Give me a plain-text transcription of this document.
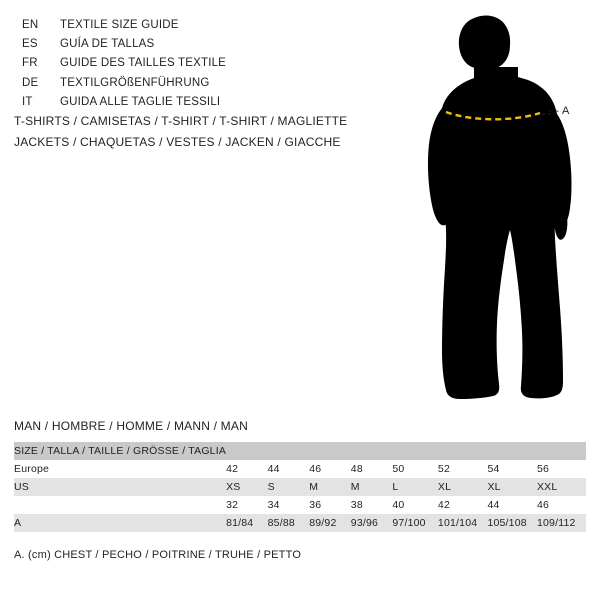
EN	TEXTILE SIZE GUIDE
ES	GUÍA DE TALLAS
FR	GUIDE DES TAILLES TEXTILE
DE	TEXTILGRÖßENFÜHRUNG
IT	GUIDA ALLE TAGLIE TESSILI
T-SHIRTS / CAMISETAS / T-SHIRT / T-SHIRT / MAGLIETTE
JACKETS / CHAQUETAS / VESTES / JACKEN / GIACCHE
- - A
MAN / HOMBRE / HOMME / MANN / MAN
SIZE / TALLA / TAILLE / GRÖSSE / TAGLIA								
Europe	42	44	46	48	50	52	54	56
US	XS	S	M	M	L	XL	XL	XXL
	32	34	36	38	40	42	44	46
A	81/84	85/88	89/92	93/96	97/100	101/104	105/108	109/112
A. (cm) CHEST / PECHO / POITRINE / TRUHE / PETTO
